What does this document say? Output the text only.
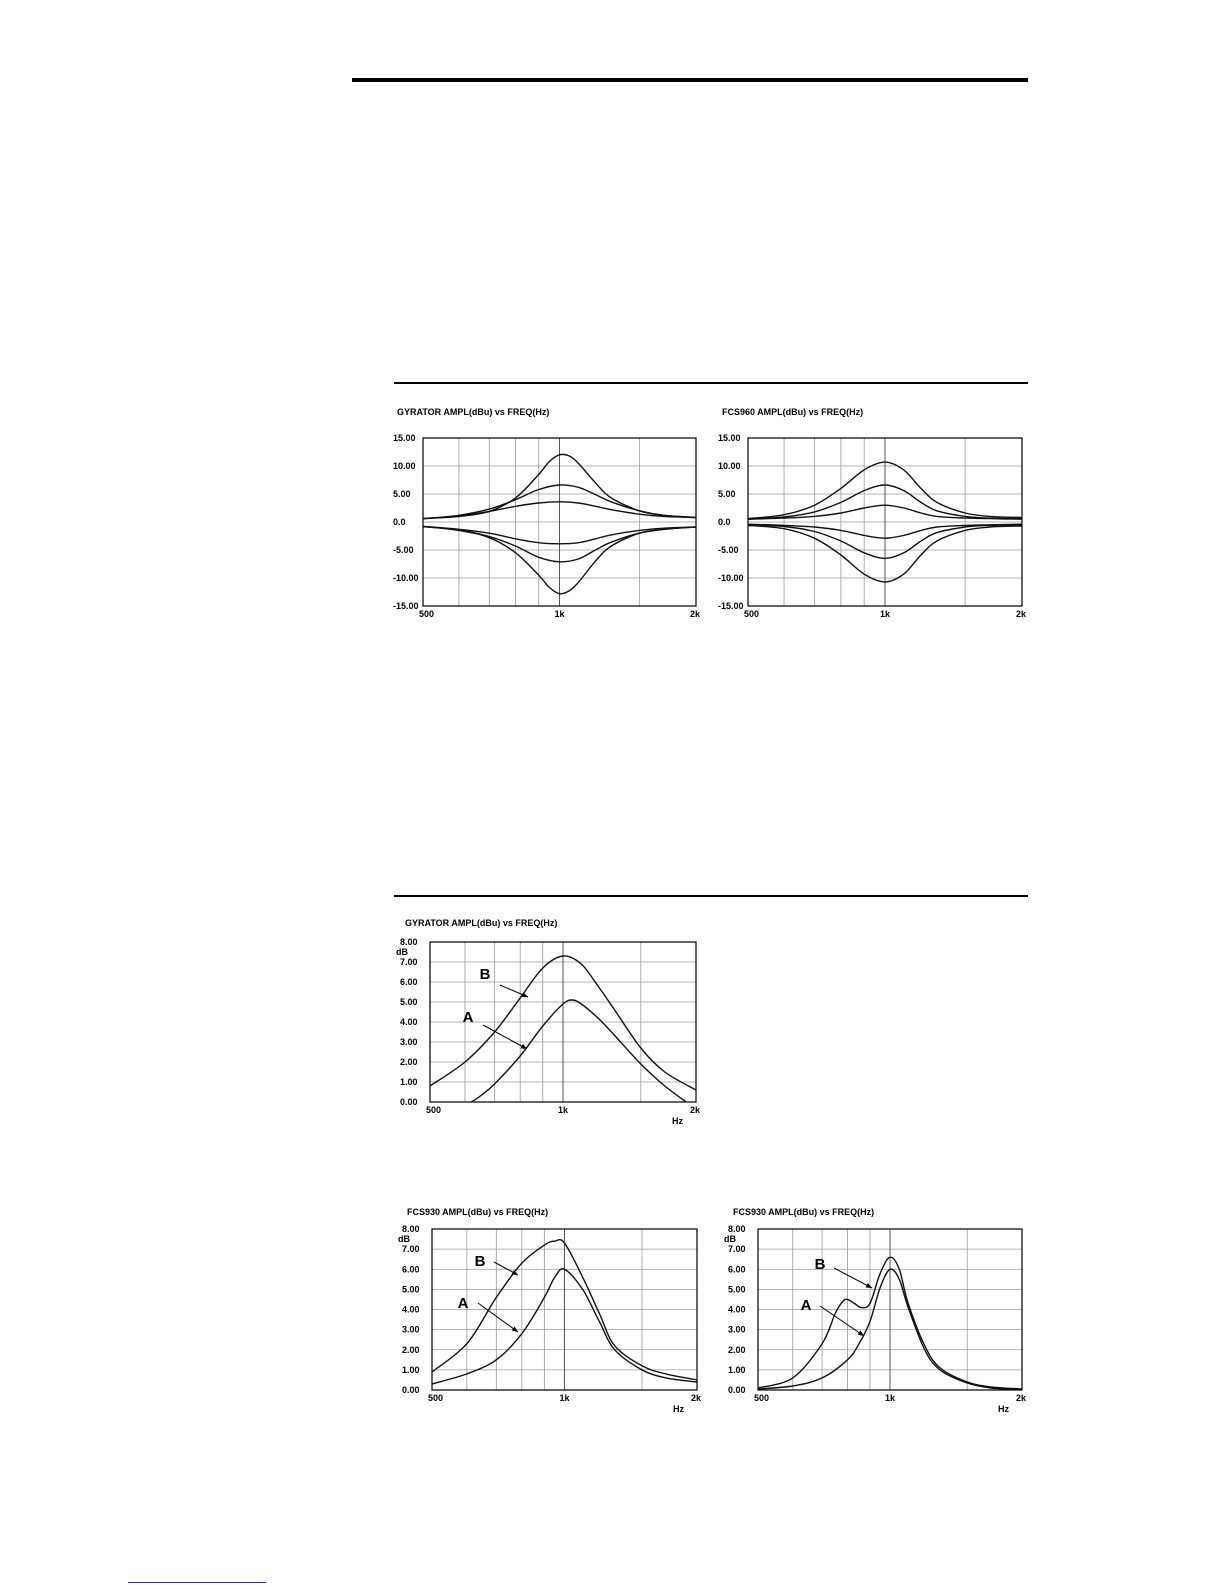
GYRATOR AMPL(dBu) vs FREQ(Hz)	FCS960 AMPL(dBu) vs FREQ(Hz)
GYRATOR AMPL(dBu) vs FREQ(Hz)
FCS930 AMPL(dBu) vs FREQ(Hz)	FCS930 AMPL(dBu) vs FREQ(Hz)
15.00
10.00
5.00
0.0
-5.00
-10.00
-15.00
500	1k	2k
15.00
10.00
5.00
0.0
-5.00
-10.00
-15.00
500	1k	2k
8.00
7.00
6.00
5.00
4.00
3.00
2.00
1.00
0.00
500	1k	2k
dB
Hz
B
A
8.00
7.00
6.00
5.00
4.00
3.00
2.00
1.00
0.00
500	1k	2k
dB
Hz
B
A
8.00
7.00
6.00
5.00
4.00
3.00
2.00
1.00
0.00
500	1k	2k
dB
Hz
B
A
